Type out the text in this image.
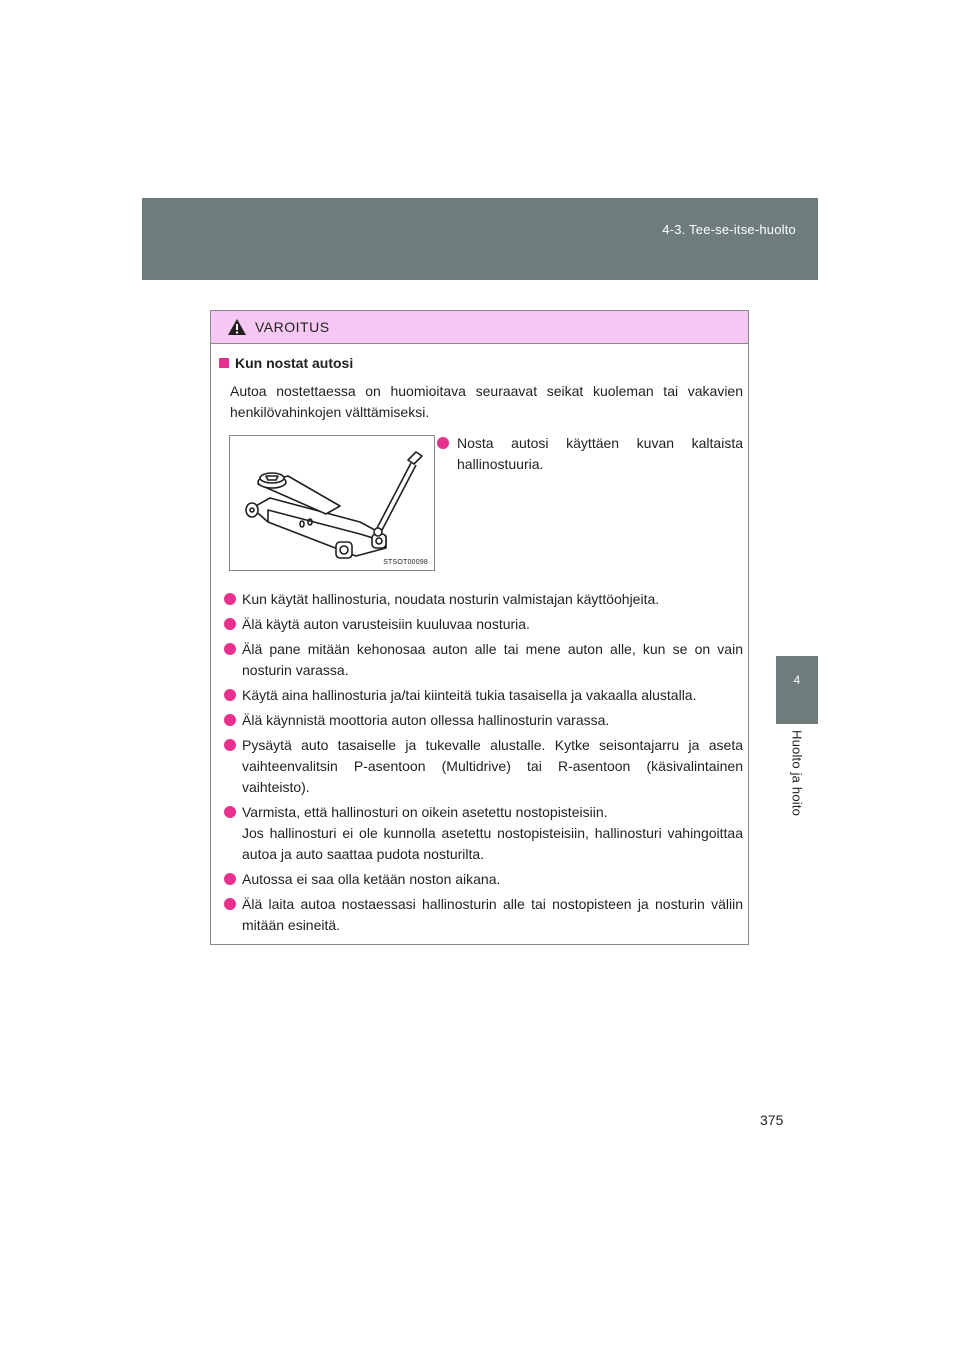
4-3. Tee-se-itse-huolto
4
Huolto ja hoito
VAROITUS
Kun nostat autosi
Autoa nostettaessa on huomioitava seuraavat seikat kuoleman tai vakavien henkilövahinkojen välttämiseksi.
STSOT00098
Nosta autosi käyttäen kuvan kaltaista hallinostuuria.
Kun käytät hallinosturia, noudata nosturin valmistajan käyttöohjeita.
Älä käytä auton varusteisiin kuuluvaa nosturia.
Älä pane mitään kehonosaa auton alle tai mene auton alle, kun se on vain nosturin varassa.
Käytä aina hallinosturia ja/tai kiinteitä tukia tasaisella ja vakaalla alustalla.
Älä käynnistä moottoria auton ollessa hallinosturin varassa.
Pysäytä auto tasaiselle ja tukevalle alustalle. Kytke seisontajarru ja aseta vaihteenvalitsin P-asentoon (Multidrive) tai R-asentoon (käsivalintainen vaihteisto).
Varmista, että hallinosturi on oikein asetettu nostopisteisiin.
Jos hallinosturi ei ole kunnolla asetettu nostopisteisiin, hallinosturi vahingoittaa autoa ja auto saattaa pudota nosturilta.
Autossa ei saa olla ketään noston aikana.
Älä laita autoa nostaessasi hallinosturin alle tai nostopisteen ja nosturin väliin mitään esineitä.
375
